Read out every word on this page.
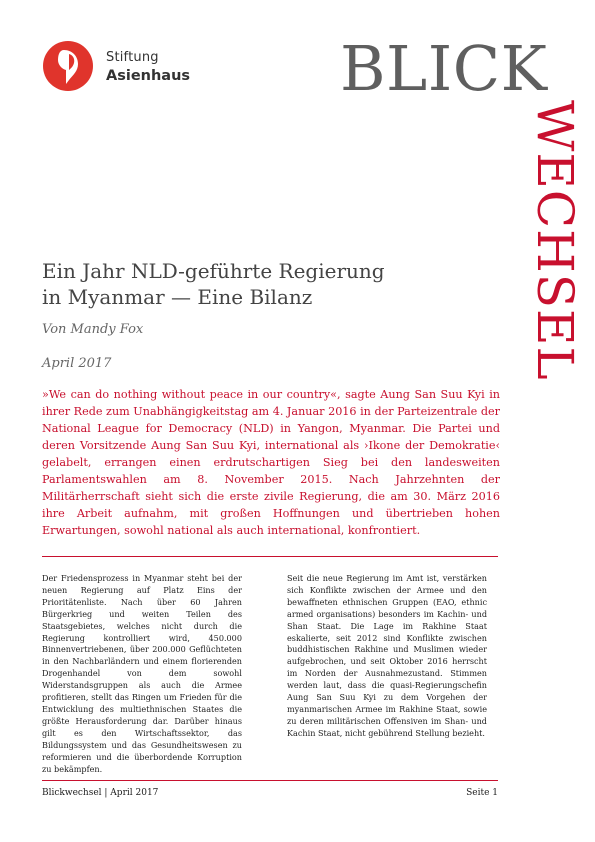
Stiftung
Asienhaus BLICK
WECHSEL
Ein Jahr NLD-geführte Regierung
in Myanmar — Eine Bilanz
Von Mandy Fox
April 2017

»We can do nothing without peace in our country«, sagte Aung San Suu Kyi in ihrer Rede zum Unabhängigkeitstag am 4. Januar 2016 in der Parteizentrale der National League for Democracy (NLD) in Yangon, Myanmar. Die Partei und deren Vorsitzende Aung San Suu Kyi, international als ›Ikone der Demokratie‹ gelabelt, errangen einen erdrutschartigen Sieg bei den landesweiten Parlamentswahlen am 8. November 2015. Nach Jahrzehnten der Militärherrschaft sieht sich die erste zivile Regierung, die am 30. März 2016 ihre Arbeit aufnahm, mit großen Hoffnungen und übertrieben hohen Erwartungen, sowohl national als auch international, konfrontiert.

Der Friedensprozess in Myanmar steht bei der neuen Regierung auf Platz Eins der Prioritätenliste. Nach über 60 Jahren Bürgerkrieg und weiten Teilen des Staatsgebietes, welches nicht durch die Regierung kontrolliert wird, 450.000 Binnenvertriebenen, über 200.000 Geflüchteten in den Nachbarländern und einem florierenden Drogenhandel von dem sowohl Widerstandsgruppen als auch die Armee profitieren, stellt das Ringen um Frieden für die Entwicklung des multiethnischen Staates die größte Herausforderung dar. Darüber hinaus gilt es den Wirtschaftssektor, das Bildungssystem und das Gesundheitswesen zu reformieren und die überbordende Korruption zu bekämpfen.

Seit die neue Regierung im Amt ist, verstärken sich Konflikte zwischen der Armee und den bewaffneten ethnischen Gruppen (EAO, ethnic armed organisations) besonders im Kachin- und Shan Staat. Die Lage im Rakhine Staat eskalierte, seit 2012 sind Konflikte zwischen buddhistischen Rakhine und Muslimen wieder aufgebrochen, und seit Oktober 2016 herrscht im Norden der Ausnahmezustand. Stimmen werden laut, dass die quasi-Regierungschefin Aung San Suu Kyi zu dem Vorgehen der myanmarischen Armee im Rakhine Staat, sowie zu deren militärischen Offensiven im Shan- und Kachin Staat, nicht gebührend Stellung bezieht.

Blickwechsel | April 2017	Seite 1
